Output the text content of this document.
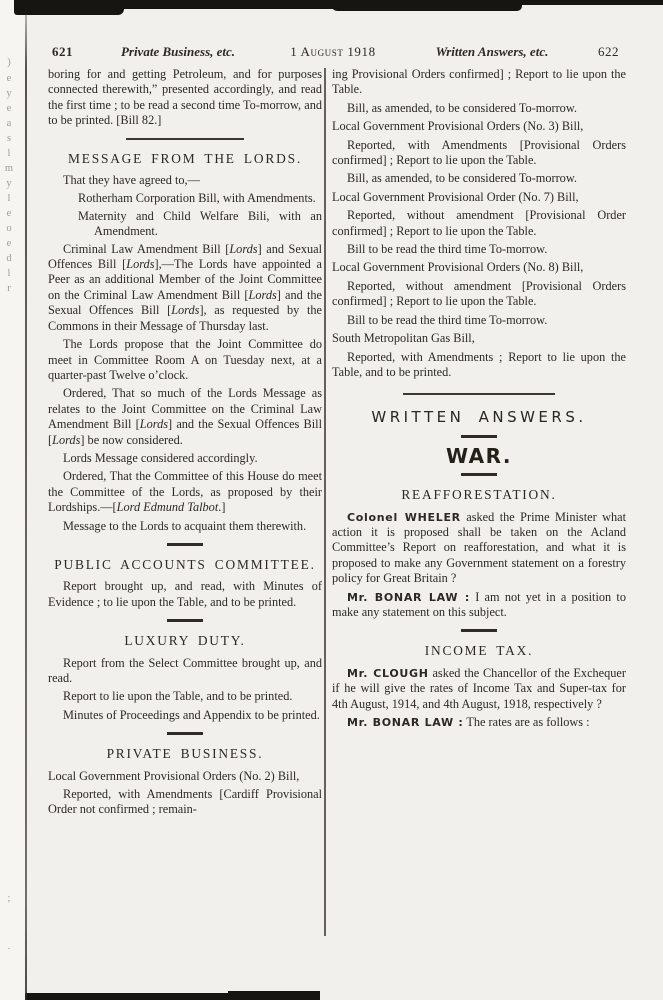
)
e
y
e
a
s
l
m
y
l
e
o
e
d
l
r
;
.
621	Private Business, etc.	1 August 1918	Written Answers, etc.	622

boring for and getting Petroleum, and for purposes connected therewith,” presented accordingly, and read the first time ; to be read a second time To-morrow, and to be printed. [Bill 82.]

MESSAGE FROM THE LORDS.

That they have agreed to,—

Rotherham Corporation Bill, with Amendments.

Maternity and Child Welfare Bili, with an Amendment.

Criminal Law Amendment Bill [Lords] and Sexual Offences Bill [Lords],—The Lords have appointed a Peer as an additional Member of the Joint Committee on the Criminal Law Amendment Bill [Lords] and the Sexual Offences Bill [Lords], as requested by the Commons in their Message of Thursday last.

The Lords propose that the Joint Committee do meet in Committee Room A on Tuesday next, at a quarter-past Twelve o’clock.

Ordered, That so much of the Lords Message as relates to the Joint Committee on the Criminal Law Amendment Bill [Lords] and the Sexual Offences Bill [Lords] be now considered.

Lords Message considered accordingly.

Ordered, That the Committee of this House do meet the Committee of the Lords, as proposed by their Lordships.—[Lord Edmund Talbot.]

Message to the Lords to acquaint them therewith.

PUBLIC ACCOUNTS COMMITTEE.

Report brought up, and read, with Minutes of Evidence ; to lie upon the Table, and to be printed.

LUXURY DUTY.

Report from the Select Committee brought up, and read.

Report to lie upon the Table, and to be printed.

Minutes of Proceedings and Appendix to be printed.

PRIVATE BUSINESS.

Local Government Provisional Orders (No. 2) Bill,

Reported, with Amendments [Cardiff Provisional Order not confirmed ; remain-

ing Provisional Orders confirmed] ; Report to lie upon the Table.

Bill, as amended, to be considered To-morrow.

Local Government Provisional Orders (No. 3) Bill,

Reported, with Amendments [Provisional Orders confirmed] ; Report to lie upon the Table.

Bill, as amended, to be considered To-morrow.

Local Government Provisional Order (No. 7) Bill,

Reported, without amendment [Provisional Order confirmed] ; Report to lie upon the Table.

Bill to be read the third time To-morrow.

Local Government Provisional Orders (No. 8) Bill,

Reported, without amendment [Provisional Orders confirmed] ; Report to lie upon the Table.

Bill to be read the third time To-morrow.

South Metropolitan Gas Bill,

Reported, with Amendments ; Report to lie upon the Table, and to be printed.

WRITTEN ANSWERS.
WAR.
REAFFORESTATION.

Colonel WHELER asked the Prime Minister what action it is proposed shall be taken on the Acland Committee’s Report on reafforestation, and what it is proposed to make any Government statement on a forestry policy for Great Britain ?

Mr. BONAR LAW : I am not yet in a position to make any statement on this subject.

INCOME TAX.

Mr. CLOUGH asked the Chancellor of the Exchequer if he will give the rates of Income Tax and Super-tax for 4th August, 1914, and 4th August, 1918, respectively ?

Mr. BONAR LAW : The rates are as follows :
